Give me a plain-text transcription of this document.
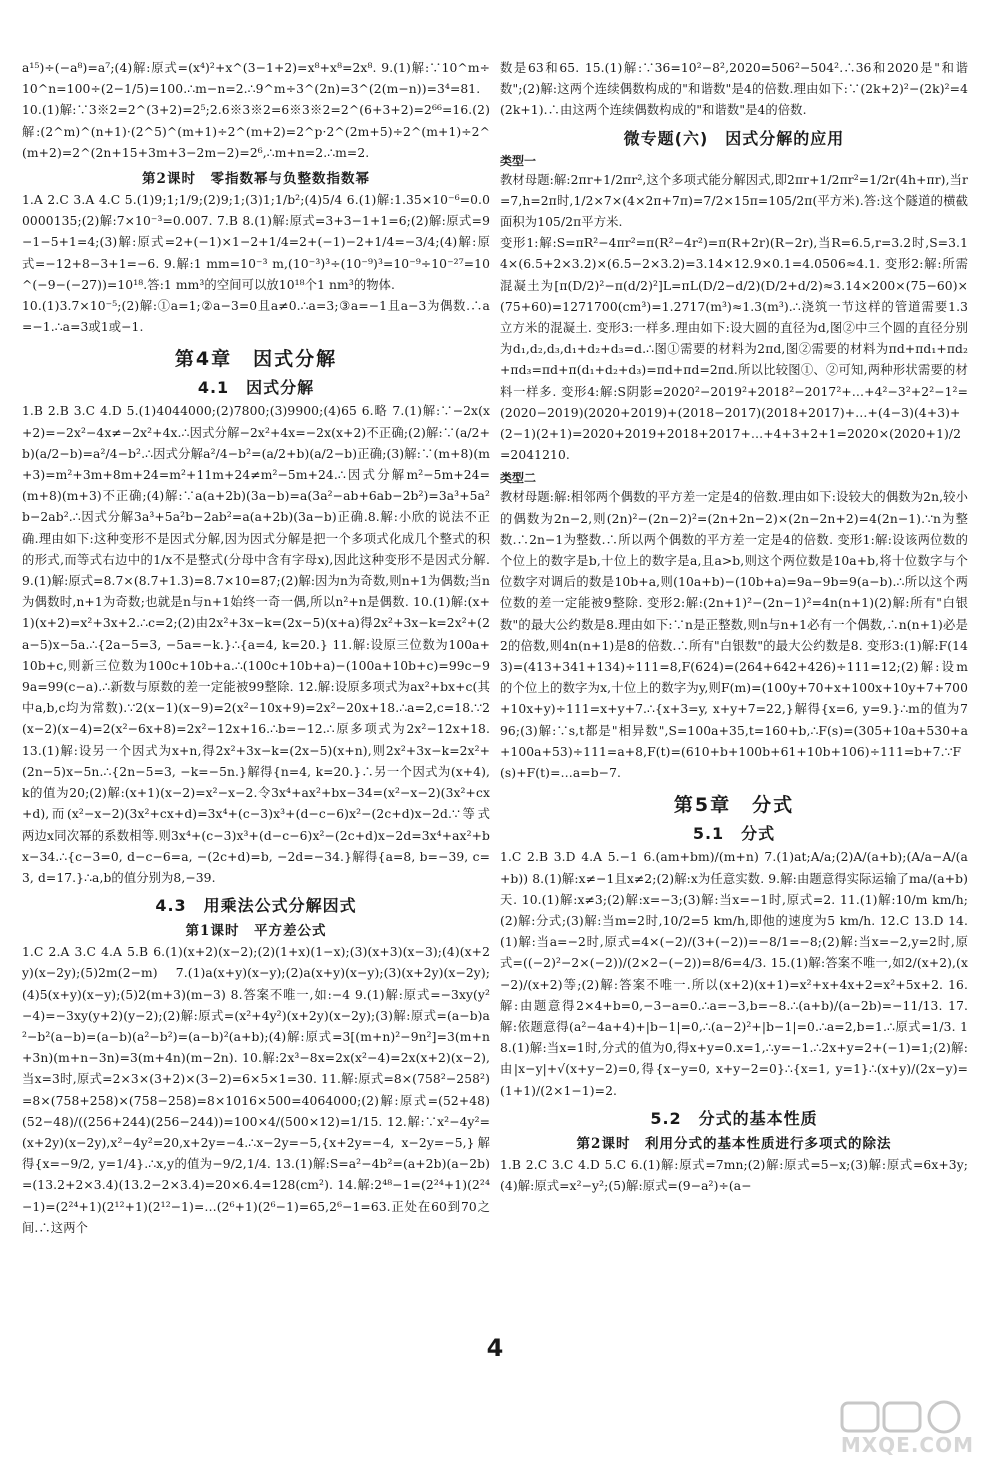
a¹⁵)÷(−a⁸)=a⁷;(4)解:原式=(x⁴)²+x^(3−1+2)=x⁸+x⁸=2x⁸. 9.(1)解:∵10^m÷10^n=100÷(2−1/5)=100.∴m−n=2.∴9^m÷3^(2n)=3^(2(m−n))=3⁴=81. 10.(1)解:∵3※2=2^(3+2)=2⁵;2.6※3※2=6※3※2=2^(6+3+2)=2⁶⁶=16.(2)解:(2^m)^(n+1)·(2^5)^(m+1)÷2^(m+2)=2^p·2^(2m+5)÷2^(m+1)÷2^(m+2)=2^(2n+15+3m+3−2m−2)=2⁶,∴m+n=2.∴m=2.

第2课时　零指数幂与负整数指数幂

1.A 2.C 3.A 4.C 5.(1)9;1;1/9;(2)9;1;(3)1;1/b²;(4)5/4 6.(1)解:1.35×10⁻⁶=0.00000135;(2)解:7×10⁻³=0.007. 7.B 8.(1)解:原式=3+3−1+1=6;(2)解:原式=9−1−5+1=4;(3)解:原式=2+(−1)×1−2+1/4=2+(−1)−2+1/4=−3/4;(4)解:原式=−12+8−3+1=−6. 9.解:1 mm=10⁻³ m,(10⁻³)³÷(10⁻⁹)³=10⁻⁹÷10⁻²⁷=10^(−9−(−27))=10¹⁸.答:1 mm³的空间可以放10¹⁸个1 nm³的物体.

10.(1)3.7×10⁻⁵;(2)解:①a=1;②a−3=0且a≠0.∴a=3;③a=−1且a−3为偶数.∴a=−1.∴a=3或1或−1.

第4章　因式分解
4.1　因式分解

1.B 2.B 3.C 4.D 5.(1)4044000;(2)7800;(3)9900;(4)65 6.略 7.(1)解:∵−2x(x+2)=−2x²−4x≠−2x²+4x.∴因式分解−2x²+4x=−2x(x+2)不正确;(2)解:∵(a/2+b)(a/2−b)=a²/4−b².∴因式分解a²/4−b²=(a/2+b)(a/2−b)正确;(3)解:∵(m+8)(m+3)=m²+3m+8m+24=m²+11m+24≠m²−5m+24.∴因式分解m²−5m+24=(m+8)(m+3)不正确;(4)解:∵a(a+2b)(3a−b)=a(3a²−ab+6ab−2b²)=3a³+5a²b−2ab².∴因式分解3a³+5a²b−2ab²=a(a+2b)(3a−b)正确.8.解:小欣的说法不正确.理由如下:这种变形不是因式分解,因为因式分解是把一个多项式化成几个整式的积的形式,而等式右边中的1/x不是整式(分母中含有字母x),因此这种变形不是因式分解. 9.(1)解:原式=8.7×(8.7+1.3)=8.7×10=87;(2)解:因为n为奇数,则n+1为偶数;当n为偶数时,n+1为奇数;也就是n与n+1始终一奇一偶,所以n²+n是偶数. 10.(1)解:(x+1)(x+2)=x²+3x+2.∴c=2;(2)由2x²+3x−k=(2x−5)(x+a)得2x²+3x−k=2x²+(2a−5)x−5a.∴{2a−5=3, −5a=−k.}∴{a=4, k=20.} 11.解:设原三位数为100a+10b+c,则新三位数为100c+10b+a.∴(100c+10b+a)−(100a+10b+c)=99c−99a=99(c−a).∴新数与原数的差一定能被99整除. 12.解:设原多项式为ax²+bx+c(其中a,b,c均为常数).∵2(x−1)(x−9)=2(x²−10x+9)=2x²−20x+18.∴a=2,c=18.∵2(x−2)(x−4)=2(x²−6x+8)=2x²−12x+16.∴b=−12.∴原多项式为2x²−12x+18. 13.(1)解:设另一个因式为x+n,得2x²+3x−k=(2x−5)(x+n),则2x²+3x−k=2x²+(2n−5)x−5n.∴{2n−5=3, −k=−5n.}解得{n=4, k=20.}∴另一个因式为(x+4),k的值为20;(2)解:(x+1)(x−2)=x²−x−2.令3x⁴+ax²+bx−34=(x²−x−2)(3x²+cx+d),而(x²−x−2)(3x²+cx+d)=3x⁴+(c−3)x³+(d−c−6)x²−(2c+d)x−2d.∵等式两边x同次幂的系数相等.则3x⁴+(c−3)x³+(d−c−6)x²−(2c+d)x−2d=3x⁴+ax²+bx−34.∴{c−3=0, d−c−6=a, −(2c+d)=b, −2d=−34.}解得{a=8, b=−39, c=3, d=17.}∴a,b的值分别为8,−39.

4.3　用乘法公式分解因式
第1课时　平方差公式

1.C 2.A 3.C 4.A 5.B 6.(1)(x+2)(x−2);(2)(1+x)(1−x);(3)(x+3)(x−3);(4)(x+2y)(x−2y);(5)2m(2−m) 7.(1)a(x+y)(x−y);(2)a(x+y)(x−y);(3)(x+2y)(x−2y);(4)5(x+y)(x−y);(5)2(m+3)(m−3) 8.答案不唯一,如:−4 9.(1)解:原式=−3xy(y²−4)=−3xy(y+2)(y−2);(2)解:原式=(x²+4y²)(x+2y)(x−2y);(3)解:原式=(a−b)a²−b²(a−b)=(a−b)(a²−b²)=(a−b)²(a+b);(4)解:原式=3[(m+n)²−9n²]=3(m+n+3n)(m+n−3n)=3(m+4n)(m−2n). 10.解:2x³−8x=2x(x²−4)=2x(x+2)(x−2),当x=3时,原式=2×3×(3+2)×(3−2)=6×5×1=30. 11.解:原式=8×(758²−258²)=8×(758+258)×(758−258)=8×1016×500=4064000;(2)解:原式=(52+48)(52−48)/((256+244)(256−244))=100×4/(500×12)=1/15. 12.解:∵x²−4y²=(x+2y)(x−2y),x²−4y²=20,x+2y=−4.∴x−2y=−5,{x+2y=−4, x−2y=−5,}解得{x=−9/2, y=1/4}.∴x,y的值为−9/2,1/4. 13.(1)解:S=a²−4b²=(a+2b)(a−2b)=(13.2+2×3.4)(13.2−2×3.4)=20×6.4=128(cm²). 14.解:2⁴⁸−1=(2²⁴+1)(2²⁴−1)=(2²⁴+1)(2¹²+1)(2¹²−1)=…(2⁶+1)(2⁶−1)=65,2⁶−1=63.正处在60到70之间.∴这两个

数是63和65. 15.(1)解:∵36=10²−8²,2020=506²−504².∴36和2020是"和谐数";(2)解:这两个连续偶数构成的"和谐数"是4的倍数.理由如下:∵(2k+2)²−(2k)²=4(2k+1).∴由这两个连续偶数构成的"和谐数"是4的倍数.

微专题(六)　因式分解的应用
类型一

教材母题:解:2πr+1/2πr²,这个多项式能分解因式,即2πr+1/2πr²=1/2r(4h+πr),当r=7,h=2π时,1/2×7×(4×2π+7π)=7/2×15π=105/2π(平方米).答:这个隧道的横截面积为105/2π平方米.

变形1:解:S=πR²−4πr²=π(R²−4r²)=π(R+2r)(R−2r),当R=6.5,r=3.2时,S=3.14×(6.5+2×3.2)×(6.5−2×3.2)=3.14×12.9×0.1=4.0506≈4.1. 变形2:解:所需混凝土为[π(D/2)²−π(d/2)²]L=πL(D/2−d/2)(D/2+d/2)≈3.14×200×(75−60)×(75+60)=1271700(cm³)=1.2717(m³)≈1.3(m³).∴浇筑一节这样的管道需要1.3立方米的混凝土. 变形3:一样多.理由如下:设大圆的直径为d,图②中三个圆的直径分别为d₁,d₂,d₃,d₁+d₂+d₃=d.∴图①需要的材料为2πd,图②需要的材料为πd+πd₁+πd₂+πd₃=πd+π(d₁+d₂+d₃)=πd+πd=2πd.所以比较图①、②可知,两种形状需要的材料一样多. 变形4:解:S阴影=2020²−2019²+2018²−2017²+…+4²−3²+2²−1²=(2020−2019)(2020+2019)+(2018−2017)(2018+2017)+…+(4−3)(4+3)+(2−1)(2+1)=2020+2019+2018+2017+…+4+3+2+1=2020×(2020+1)/2=2041210.

类型二

教材母题:解:相邻两个偶数的平方差一定是4的倍数.理由如下:设较大的偶数为2n,较小的偶数为2n−2,则(2n)²−(2n−2)²=(2n+2n−2)×(2n−2n+2)=4(2n−1).∵n为整数.∴2n−1为整数.∴所以两个偶数的平方差一定是4的倍数. 变形1:解:设该两位数的个位上的数字是b,十位上的数字是a,且a>b,则这个两位数是10a+b,将十位数字与个位数字对调后的数是10b+a,则(10a+b)−(10b+a)=9a−9b=9(a−b).∴所以这个两位数的差一定能被9整除. 变形2:解:(2n+1)²−(2n−1)²=4n(n+1)(2)解:所有"白银数"的最大公约数是8.理由如下:∵n是正整数,则n与n+1必有一个偶数,∴n(n+1)必是2的倍数,则4n(n+1)是8的倍数.∴所有"白银数"的最大公约数是8. 变形3:(1)解:F(143)=(413+341+134)÷111=8,F(624)=(264+642+426)÷111=12;(2)解:设m的个位上的数字为x,十位上的数字为y,则F(m)=(100y+70+x+100x+10y+7+700+10x+y)÷111=x+y+7.∴{x+3=y, x+y+7=22,}解得{x=6, y=9.}∴m的值为796;(3)解:∵s,t都是"相异数",S=100a+35,t=160+b,∴F(s)=(305+10a+530+a+100a+53)÷111=a+8,F(t)=(610+b+100b+61+10b+106)÷111=b+7.∵F(s)+F(t)=…a=b−7.

第5章　分式
5.1　分式

1.C 2.B 3.D 4.A 5.−1 6.(am+bm)/(m+n) 7.(1)at;A/a;(2)A/(a+b);(A/a−A/(a+b)) 8.(1)解:x≠−1且x≠2;(2)解:x为任意实数. 9.解:由题意得实际运输了ma/(a+b)天. 10.(1)解:x≠3;(2)解:x=−3;(3)解:当x=−1时,原式=2. 11.(1)解:10/m km/h;(2)解:分式;(3)解:当m=2时,10/2=5 km/h,即他的速度为5 km/h. 12.C 13.D 14.(1)解:当a=−2时,原式=4×(−2)/(3+(−2))=−8/1=−8;(2)解:当x=−2,y=2时,原式=((−2)²−2×(−2))/(2×2−(−2))=8/6=4/3. 15.(1)解:答案不唯一,如2/(x+2),(x−2)/(x+2)等;(2)解:答案不唯一.所以(x+2)(x+1)=x²+x+4x+2=x²+5x+2. 16.解:由题意得2×4+b=0,−3−a=0.∴a=−3,b=−8.∴(a+b)/(a−2b)=−11/13. 17.解:依题意得(a²−4a+4)+|b−1|=0,∴(a−2)²+|b−1|=0.∴a=2,b=1.∴原式=1/3. 18.(1)解:当x=1时,分式的值为0,得x+y=0.x=1,∴y=−1.∴2x+y=2+(−1)=1;(2)解:由|x−y|+√(x+y−2)=0,得{x−y=0, x+y−2=0}∴{x=1, y=1}∴(x+y)/(2x−y)=(1+1)/(2×1−1)=2.

5.2　分式的基本性质
第2课时　利用分式的基本性质进行多项式的除法

1.B 2.C 3.C 4.D 5.C 6.(1)解:原式=7mn;(2)解:原式=5−x;(3)解:原式=6x+3y;(4)解:原式=x²−y²;(5)解:原式=(9−a²)÷(a−

4
MXQE.COM
